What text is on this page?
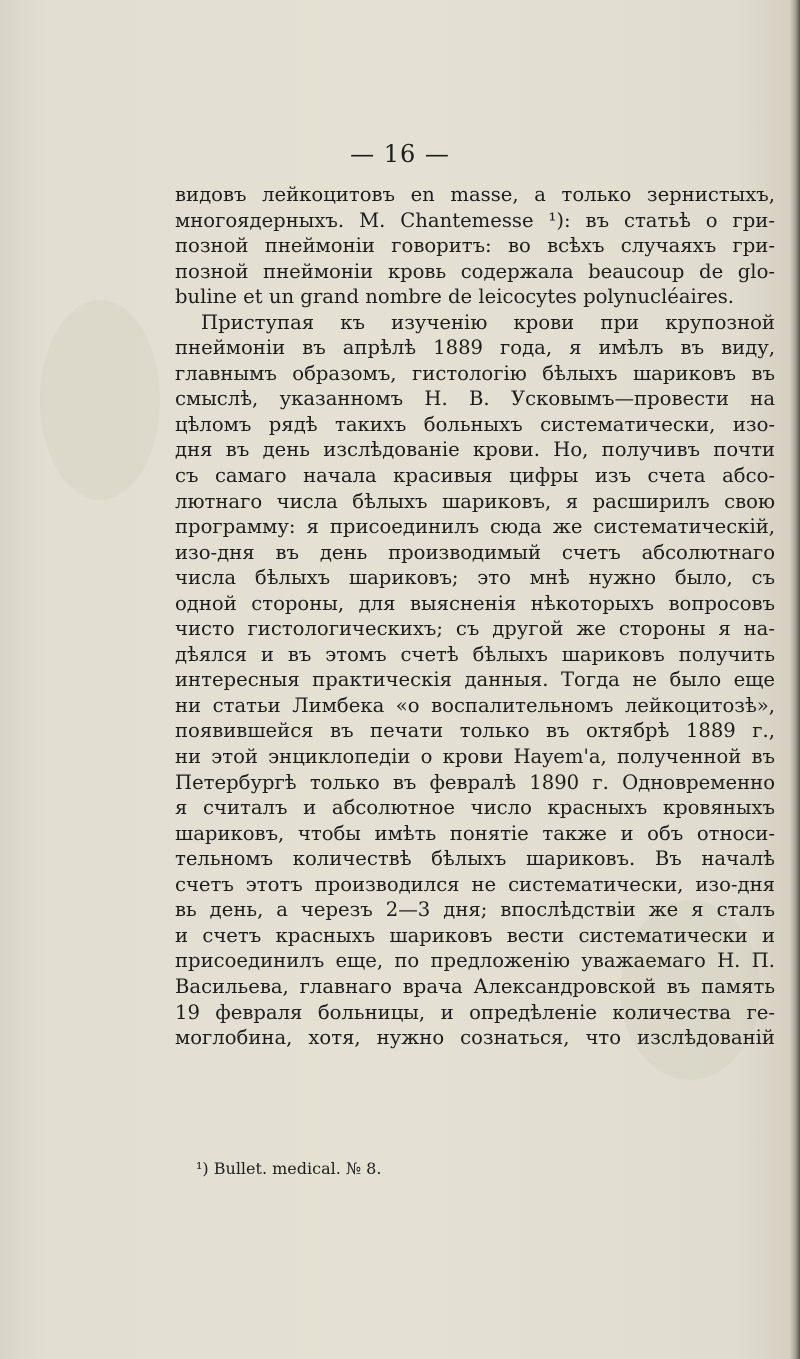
— 16 —
видовъ лейкоцитовъ en masse, а только зернистыхъ,
многоядерныхъ. M. Chantemesse ¹): въ статьѣ о гри-
позной пнеймоніи говоритъ: во всѣхъ случаяхъ гри-
позной пнеймоніи кровь содержала beaucoup de glo-
buline et un grand nombre de leicocytes polynucléaires.
Приступая къ изученію крови при крупозной
пнеймоніи въ апрѣлѣ 1889 года, я имѣлъ въ виду,
главнымъ образомъ, гистологію бѣлыхъ шариковъ въ
смыслѣ, указанномъ Н. В. Усковымъ—провести на
цѣломъ рядѣ такихъ больныхъ систематически, изо-
дня въ день изслѣдованіе крови. Но, получивъ почти
съ самаго начала красивыя цифры изъ счета абсо-
лютнаго числа бѣлыхъ шариковъ, я расширилъ свою
программу: я присоединилъ сюда же систематическій,
изо-дня въ день производимый счетъ абсолютнаго
числа бѣлыхъ шариковъ; это мнѣ нужно было, съ
одной стороны, для выясненія нѣкоторыхъ вопросовъ
чисто гистологическихъ; съ другой же стороны я на-
дѣялся и въ этомъ счетѣ бѣлыхъ шариковъ получить
интересныя практическія данныя. Тогда не было еще
ни статьи Лимбека «о воспалительномъ лейкоцитозѣ»,
появившейся въ печати только въ октябрѣ 1889 г.,
ни этой энциклопедіи о крови Hayem'a, полученной въ
Петербургѣ только въ февралѣ 1890 г. Одновременно
я считалъ и абсолютное число красныхъ кровяныхъ
шариковъ, чтобы имѣть понятіе также и объ относи-
тельномъ количествѣ бѣлыхъ шариковъ. Въ началѣ
счетъ этотъ производился не систематически, изо-дня
вь день, а черезъ 2—3 дня; впослѣдствіи же я сталъ
и счетъ красныхъ шариковъ вести систематически и
присоединилъ еще, по предложенію уважаемаго Н. П.
Васильева, главнаго врача Александровской въ память
19 февраля больницы, и опредѣленіе количества ге-
моглобина, хотя, нужно сознаться, что изслѣдованій
¹) Bullet. medical. № 8.
